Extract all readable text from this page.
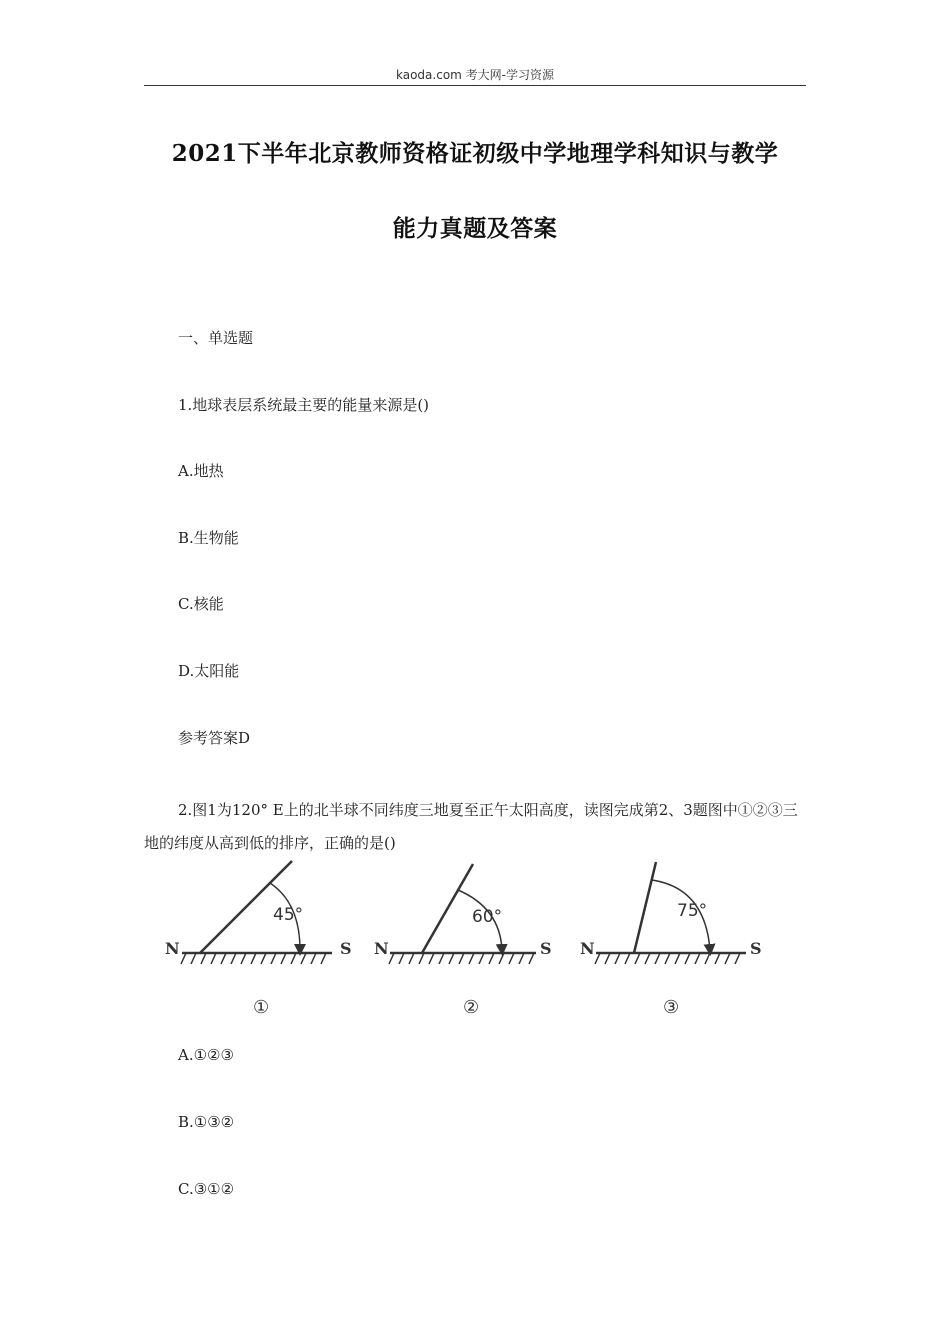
kaoda.com 考大网-学习资源
2021下半年北京教师资格证初级中学地理学科知识与教学
能力真题及答案
一、单选题
1.地球表层系统最主要的能量来源是()
A.地热
B.生物能
C.核能
D.太阳能
参考答案D
2.图1为120° E上的北半球不同纬度三地夏至正午太阳高度，读图完成第2、3题图中①②③三地的纬度从高到低的排序，正确的是()
N	S
45°
N	S
60°
N	S
75°
①	②	③
A.①②③
B.①③②
C.③①②
